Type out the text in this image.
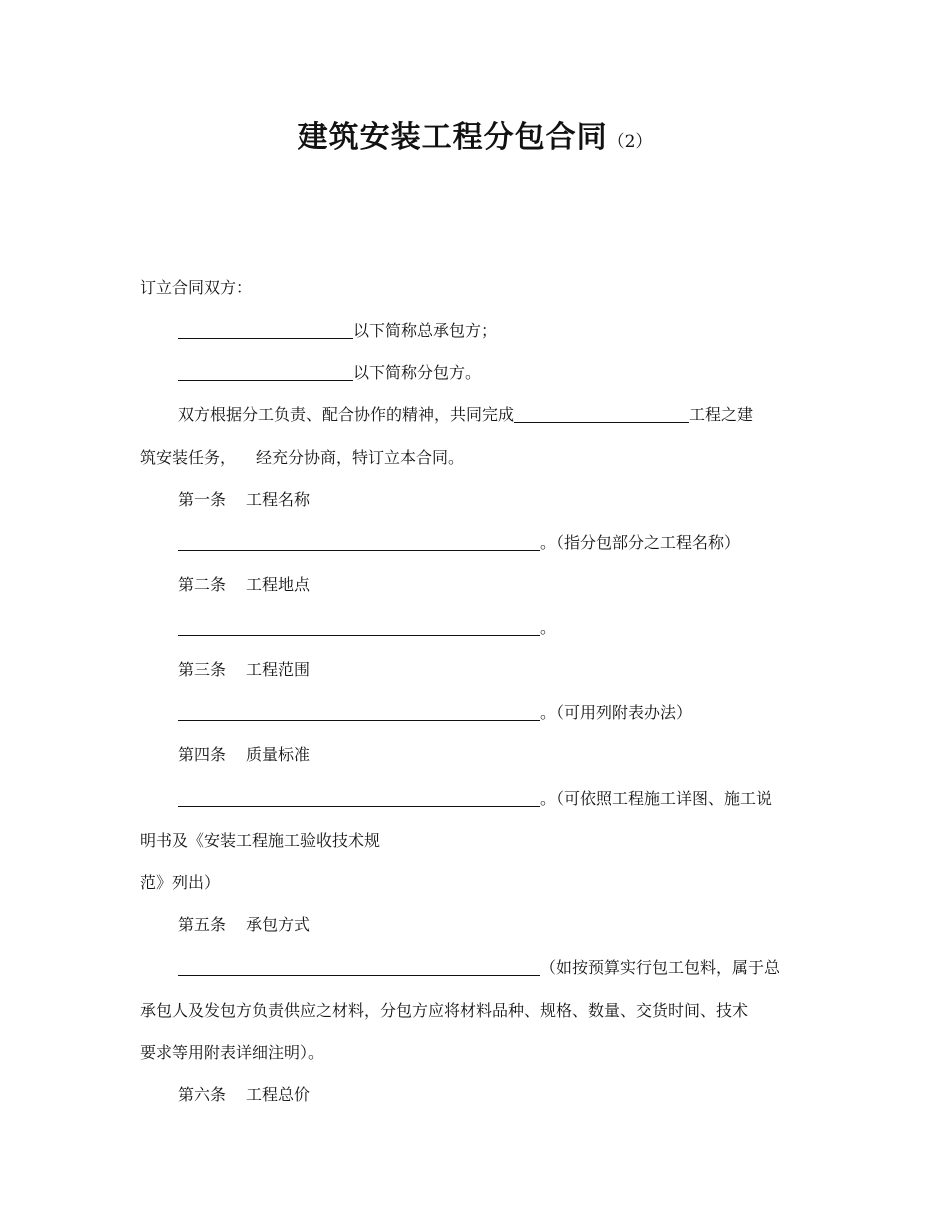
建筑安装工程分包合同（2）
订立合同双方：
以下简称总承包方；
以下简称分包方。
双方根据分工负责、配合协作的精神，共同完成	工程之建
筑安装任务， 经充分协商，特订立本合同。
第一条 工程名称
。（指分包部分之工程名称）
第二条 工程地点
。
第三条 工程范围
。（可用列附表办法）
第四条 质量标准
。（可依照工程施工详图、施工说
明书及《安装工程施工验收技术规
范》列出）
第五条 承包方式
（如按预算实行包工包料，属于总
承包人及发包方负责供应之材料，分包方应将材料品种、规格、数量、交货时间、技术
要求等用附表详细注明）。
第六条 工程总价
